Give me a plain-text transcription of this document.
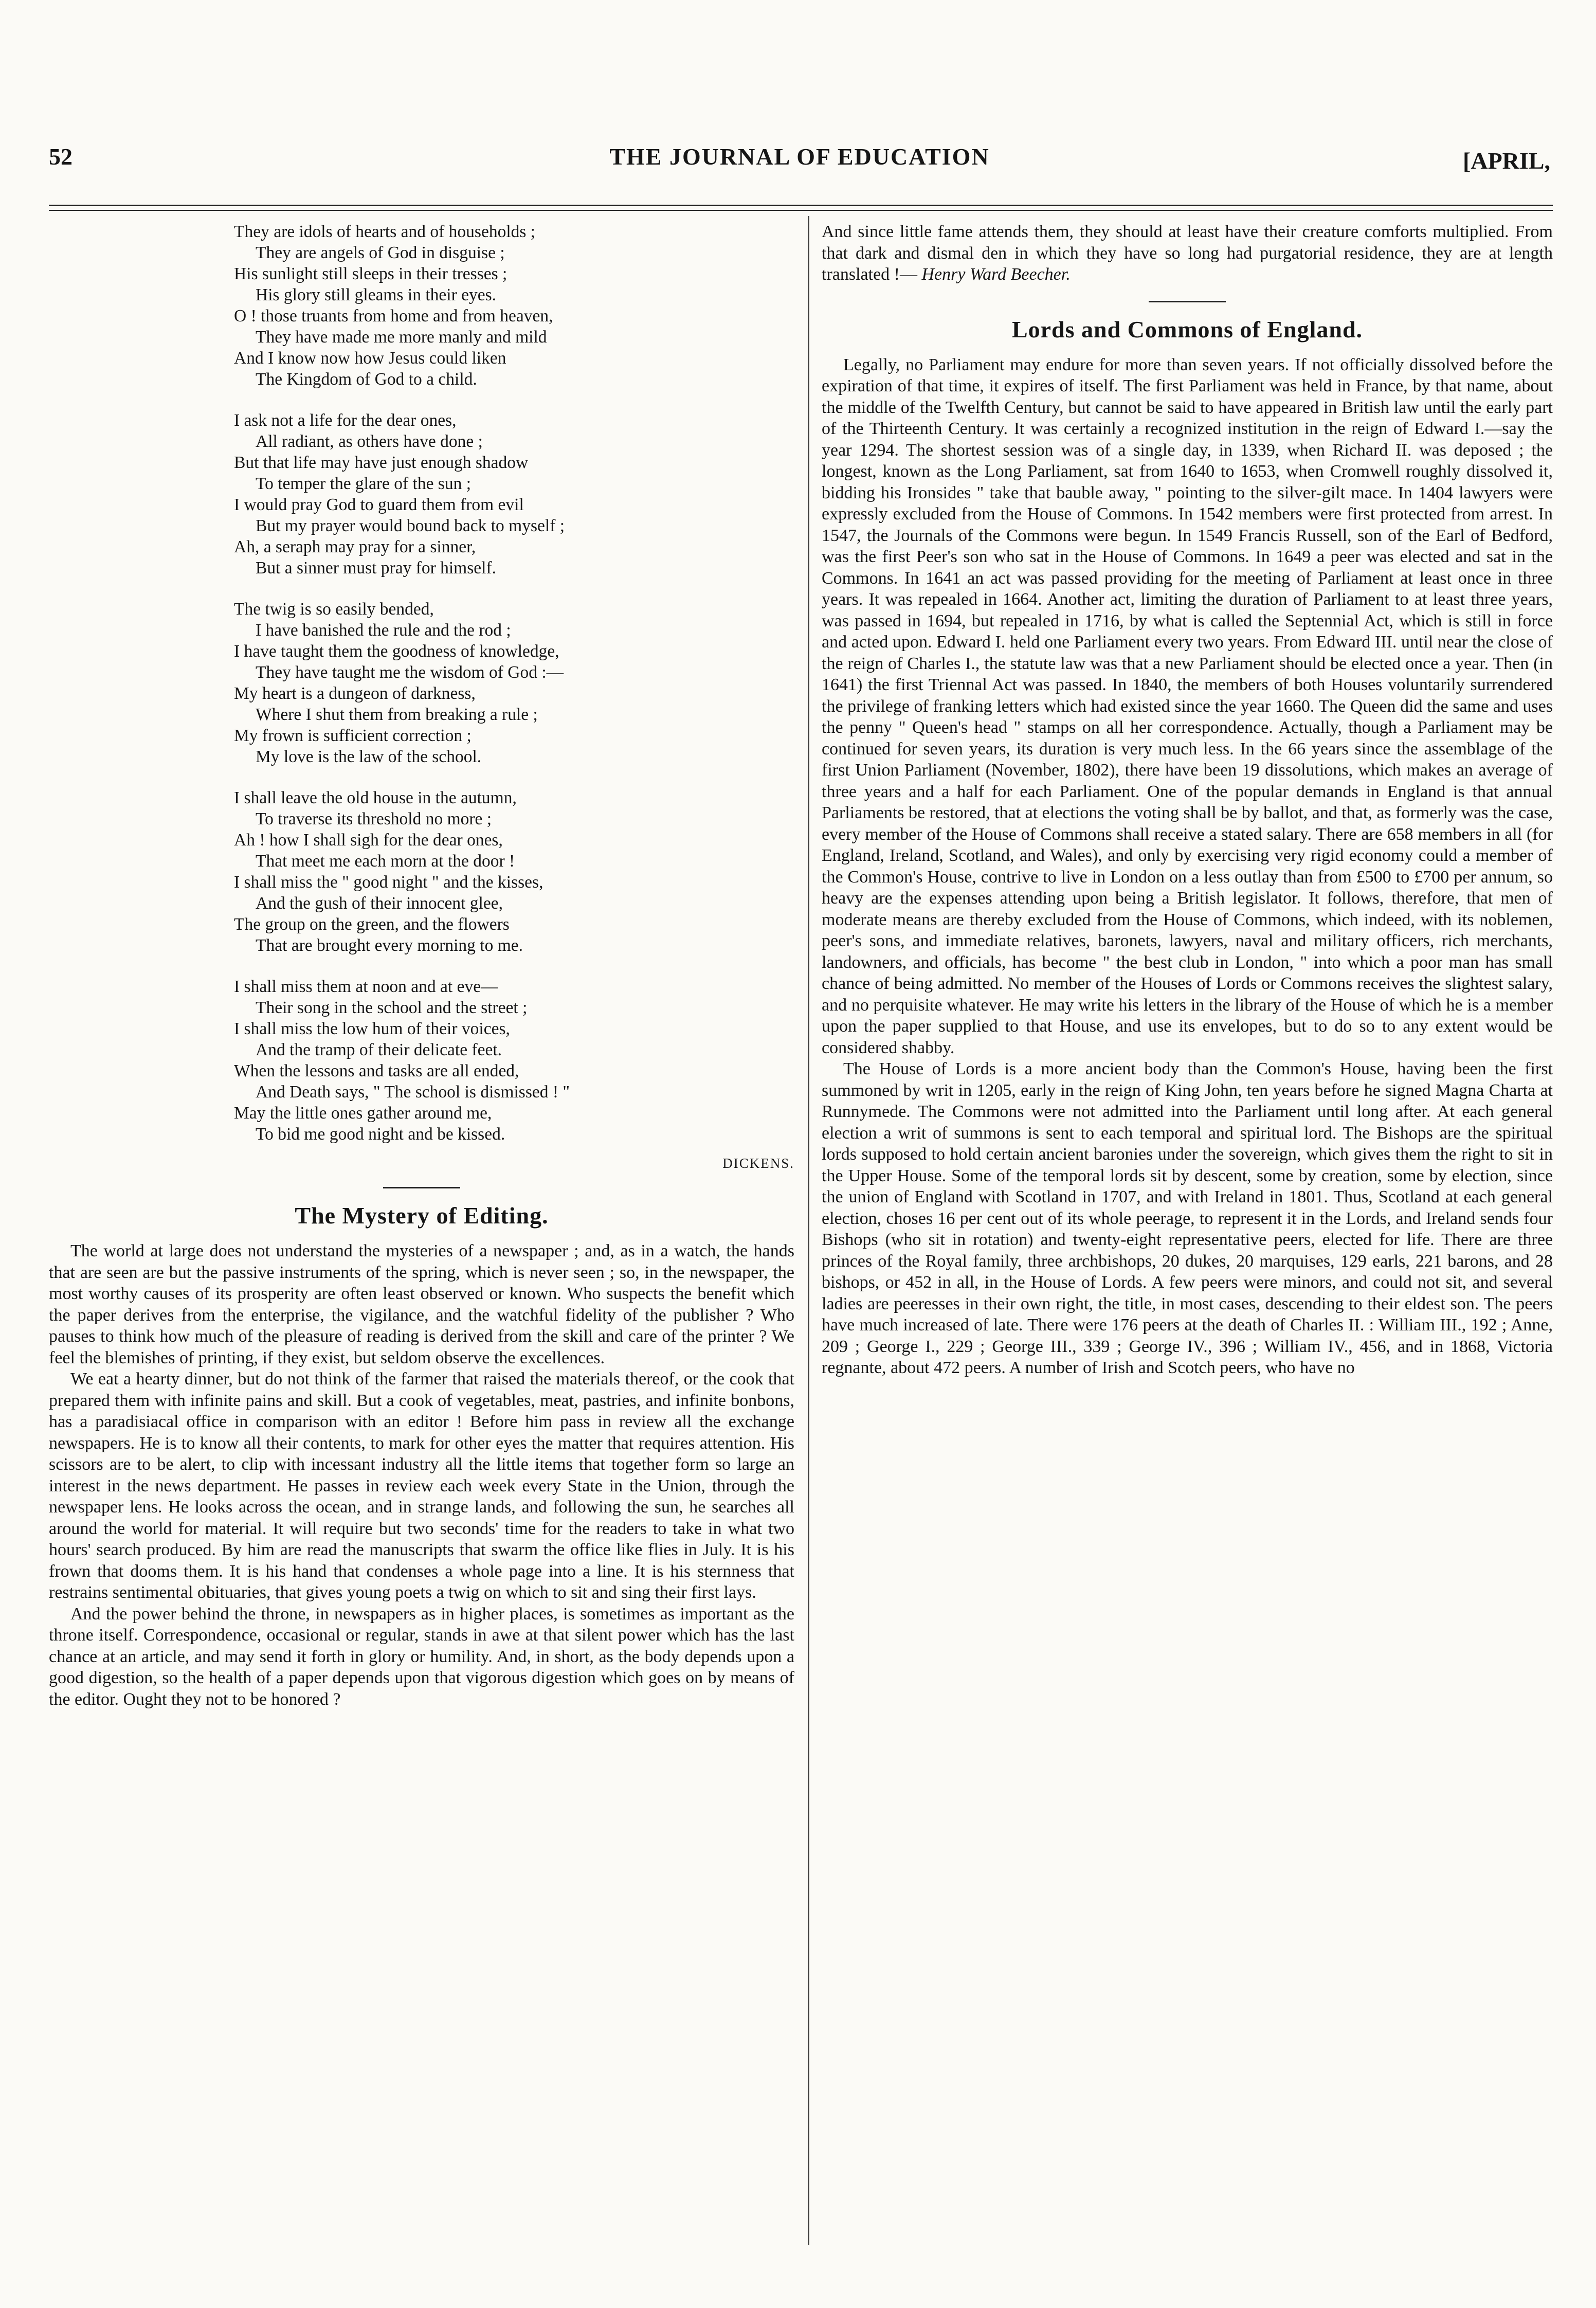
52	THE JOURNAL OF EDUCATION	[APRIL,
They are idols of hearts and of households ;
They are angels of God in disguise ;
His sunlight still sleeps in their tresses ;
His glory still gleams in their eyes.
O ! those truants from home and from heaven,
They have made me more manly and mild
And I know now how Jesus could liken
The Kingdom of God to a child.
I ask not a life for the dear ones,
All radiant, as others have done ;
But that life may have just enough shadow
To temper the glare of the sun ;
I would pray God to guard them from evil
But my prayer would bound back to myself ;
Ah, a seraph may pray for a sinner,
But a sinner must pray for himself.
The twig is so easily bended,
I have banished the rule and the rod ;
I have taught them the goodness of knowledge,
They have taught me the wisdom of God :—
My heart is a dungeon of darkness,
Where I shut them from breaking a rule ;
My frown is sufficient correction ;
My love is the law of the school.
I shall leave the old house in the autumn,
To traverse its threshold no more ;
Ah ! how I shall sigh for the dear ones,
That meet me each morn at the door !
I shall miss the " good night " and the kisses,
And the gush of their innocent glee,
The group on the green, and the flowers
That are brought every morning to me.
I shall miss them at noon and at eve—
Their song in the school and the street ;
I shall miss the low hum of their voices,
And the tramp of their delicate feet.
When the lessons and tasks are all ended,
And Death says, " The school is dismissed ! "
May the little ones gather around me,
To bid me good night and be kissed.
DICKENS.
The Mystery of Editing.

The world at large does not understand the mysteries of a newspaper ; and, as in a watch, the hands that are seen are but the passive instruments of the spring, which is never seen ; so, in the newspaper, the most worthy causes of its prosperity are often least observed or known. Who suspects the benefit which the paper derives from the enterprise, the vigilance, and the watchful fidelity of the publisher ? Who pauses to think how much of the pleasure of reading is derived from the skill and care of the printer ? We feel the blemishes of printing, if they exist, but seldom observe the excellences.

We eat a hearty dinner, but do not think of the farmer that raised the materials thereof, or the cook that prepared them with infinite pains and skill. But a cook of vegetables, meat, pastries, and infinite bonbons, has a paradisiacal office in comparison with an editor ! Before him pass in review all the exchange newspapers. He is to know all their contents, to mark for other eyes the matter that requires attention. His scissors are to be alert, to clip with incessant industry all the little items that together form so large an interest in the news department. He passes in review each week every State in the Union, through the newspaper lens. He looks across the ocean, and in strange lands, and following the sun, he searches all around the world for material. It will require but two seconds' time for the readers to take in what two hours' search produced. By him are read the manuscripts that swarm the office like flies in July. It is his frown that dooms them. It is his hand that condenses a whole page into a line. It is his sternness that restrains sentimental obituaries, that gives young poets a twig on which to sit and sing their first lays.

And the power behind the throne, in newspapers as in higher places, is sometimes as important as the throne itself. Correspondence, occasional or regular, stands in awe at that silent power which has the last chance at an article, and may send it forth in glory or humility. And, in short, as the body depends upon a good digestion, so the health of a paper depends upon that vigorous digestion which goes on by means of the editor. Ought they not to be honored ?

And since little fame attends them, they should at least have their creature comforts multiplied. From that dark and dismal den in which they have so long had purgatorial residence, they are at length translated !— Henry Ward Beecher.

Lords and Commons of England.

Legally, no Parliament may endure for more than seven years. If not officially dissolved before the expiration of that time, it expires of itself. The first Parliament was held in France, by that name, about the middle of the Twelfth Century, but cannot be said to have appeared in British law until the early part of the Thirteenth Century. It was certainly a recognized institution in the reign of Edward I.—say the year 1294. The shortest session was of a single day, in 1339, when Richard II. was deposed ; the longest, known as the Long Parliament, sat from 1640 to 1653, when Cromwell roughly dissolved it, bidding his Ironsides " take that bauble away, " pointing to the silver-gilt mace. In 1404 lawyers were expressly excluded from the House of Commons. In 1542 members were first protected from arrest. In 1547, the Journals of the Commons were begun. In 1549 Francis Russell, son of the Earl of Bedford, was the first Peer's son who sat in the House of Commons. In 1649 a peer was elected and sat in the Commons. In 1641 an act was passed providing for the meeting of Parliament at least once in three years. It was repealed in 1664. Another act, limiting the duration of Parliament to at least three years, was passed in 1694, but repealed in 1716, by what is called the Septennial Act, which is still in force and acted upon. Edward I. held one Parliament every two years. From Edward III. until near the close of the reign of Charles I., the statute law was that a new Parliament should be elected once a year. Then (in 1641) the first Triennal Act was passed. In 1840, the members of both Houses voluntarily surrendered the privilege of franking letters which had existed since the year 1660. The Queen did the same and uses the penny " Queen's head " stamps on all her correspondence. Actually, though a Parliament may be continued for seven years, its duration is very much less. In the 66 years since the assemblage of the first Union Parliament (November, 1802), there have been 19 dissolutions, which makes an average of three years and a half for each Parliament. One of the popular demands in England is that annual Parliaments be restored, that at elections the voting shall be by ballot, and that, as formerly was the case, every member of the House of Commons shall receive a stated salary. There are 658 members in all (for England, Ireland, Scotland, and Wales), and only by exercising very rigid economy could a member of the Common's House, contrive to live in London on a less outlay than from £500 to £700 per annum, so heavy are the expenses attending upon being a British legislator. It follows, therefore, that men of moderate means are thereby excluded from the House of Commons, which indeed, with its noblemen, peer's sons, and immediate relatives, baronets, lawyers, naval and military officers, rich merchants, landowners, and officials, has become " the best club in London, " into which a poor man has small chance of being admitted. No member of the Houses of Lords or Commons receives the slightest salary, and no perquisite whatever. He may write his letters in the library of the House of which he is a member upon the paper supplied to that House, and use its envelopes, but to do so to any extent would be considered shabby.

The House of Lords is a more ancient body than the Common's House, having been the first summoned by writ in 1205, early in the reign of King John, ten years before he signed Magna Charta at Runnymede. The Commons were not admitted into the Parliament until long after. At each general election a writ of summons is sent to each temporal and spiritual lord. The Bishops are the spiritual lords supposed to hold certain ancient baronies under the sovereign, which gives them the right to sit in the Upper House. Some of the temporal lords sit by descent, some by creation, some by election, since the union of England with Scotland in 1707, and with Ireland in 1801. Thus, Scotland at each general election, choses 16 per cent out of its whole peerage, to represent it in the Lords, and Ireland sends four Bishops (who sit in rotation) and twenty-eight representative peers, elected for life. There are three princes of the Royal family, three archbishops, 20 dukes, 20 marquises, 129 earls, 221 barons, and 28 bishops, or 452 in all, in the House of Lords. A few peers were minors, and could not sit, and several ladies are peeresses in their own right, the title, in most cases, descending to their eldest son. The peers have much increased of late. There were 176 peers at the death of Charles II. : William III., 192 ; Anne, 209 ; George I., 229 ; George III., 339 ; George IV., 396 ; William IV., 456, and in 1868, Victoria regnante, about 472 peers. A number of Irish and Scotch peers, who have no
